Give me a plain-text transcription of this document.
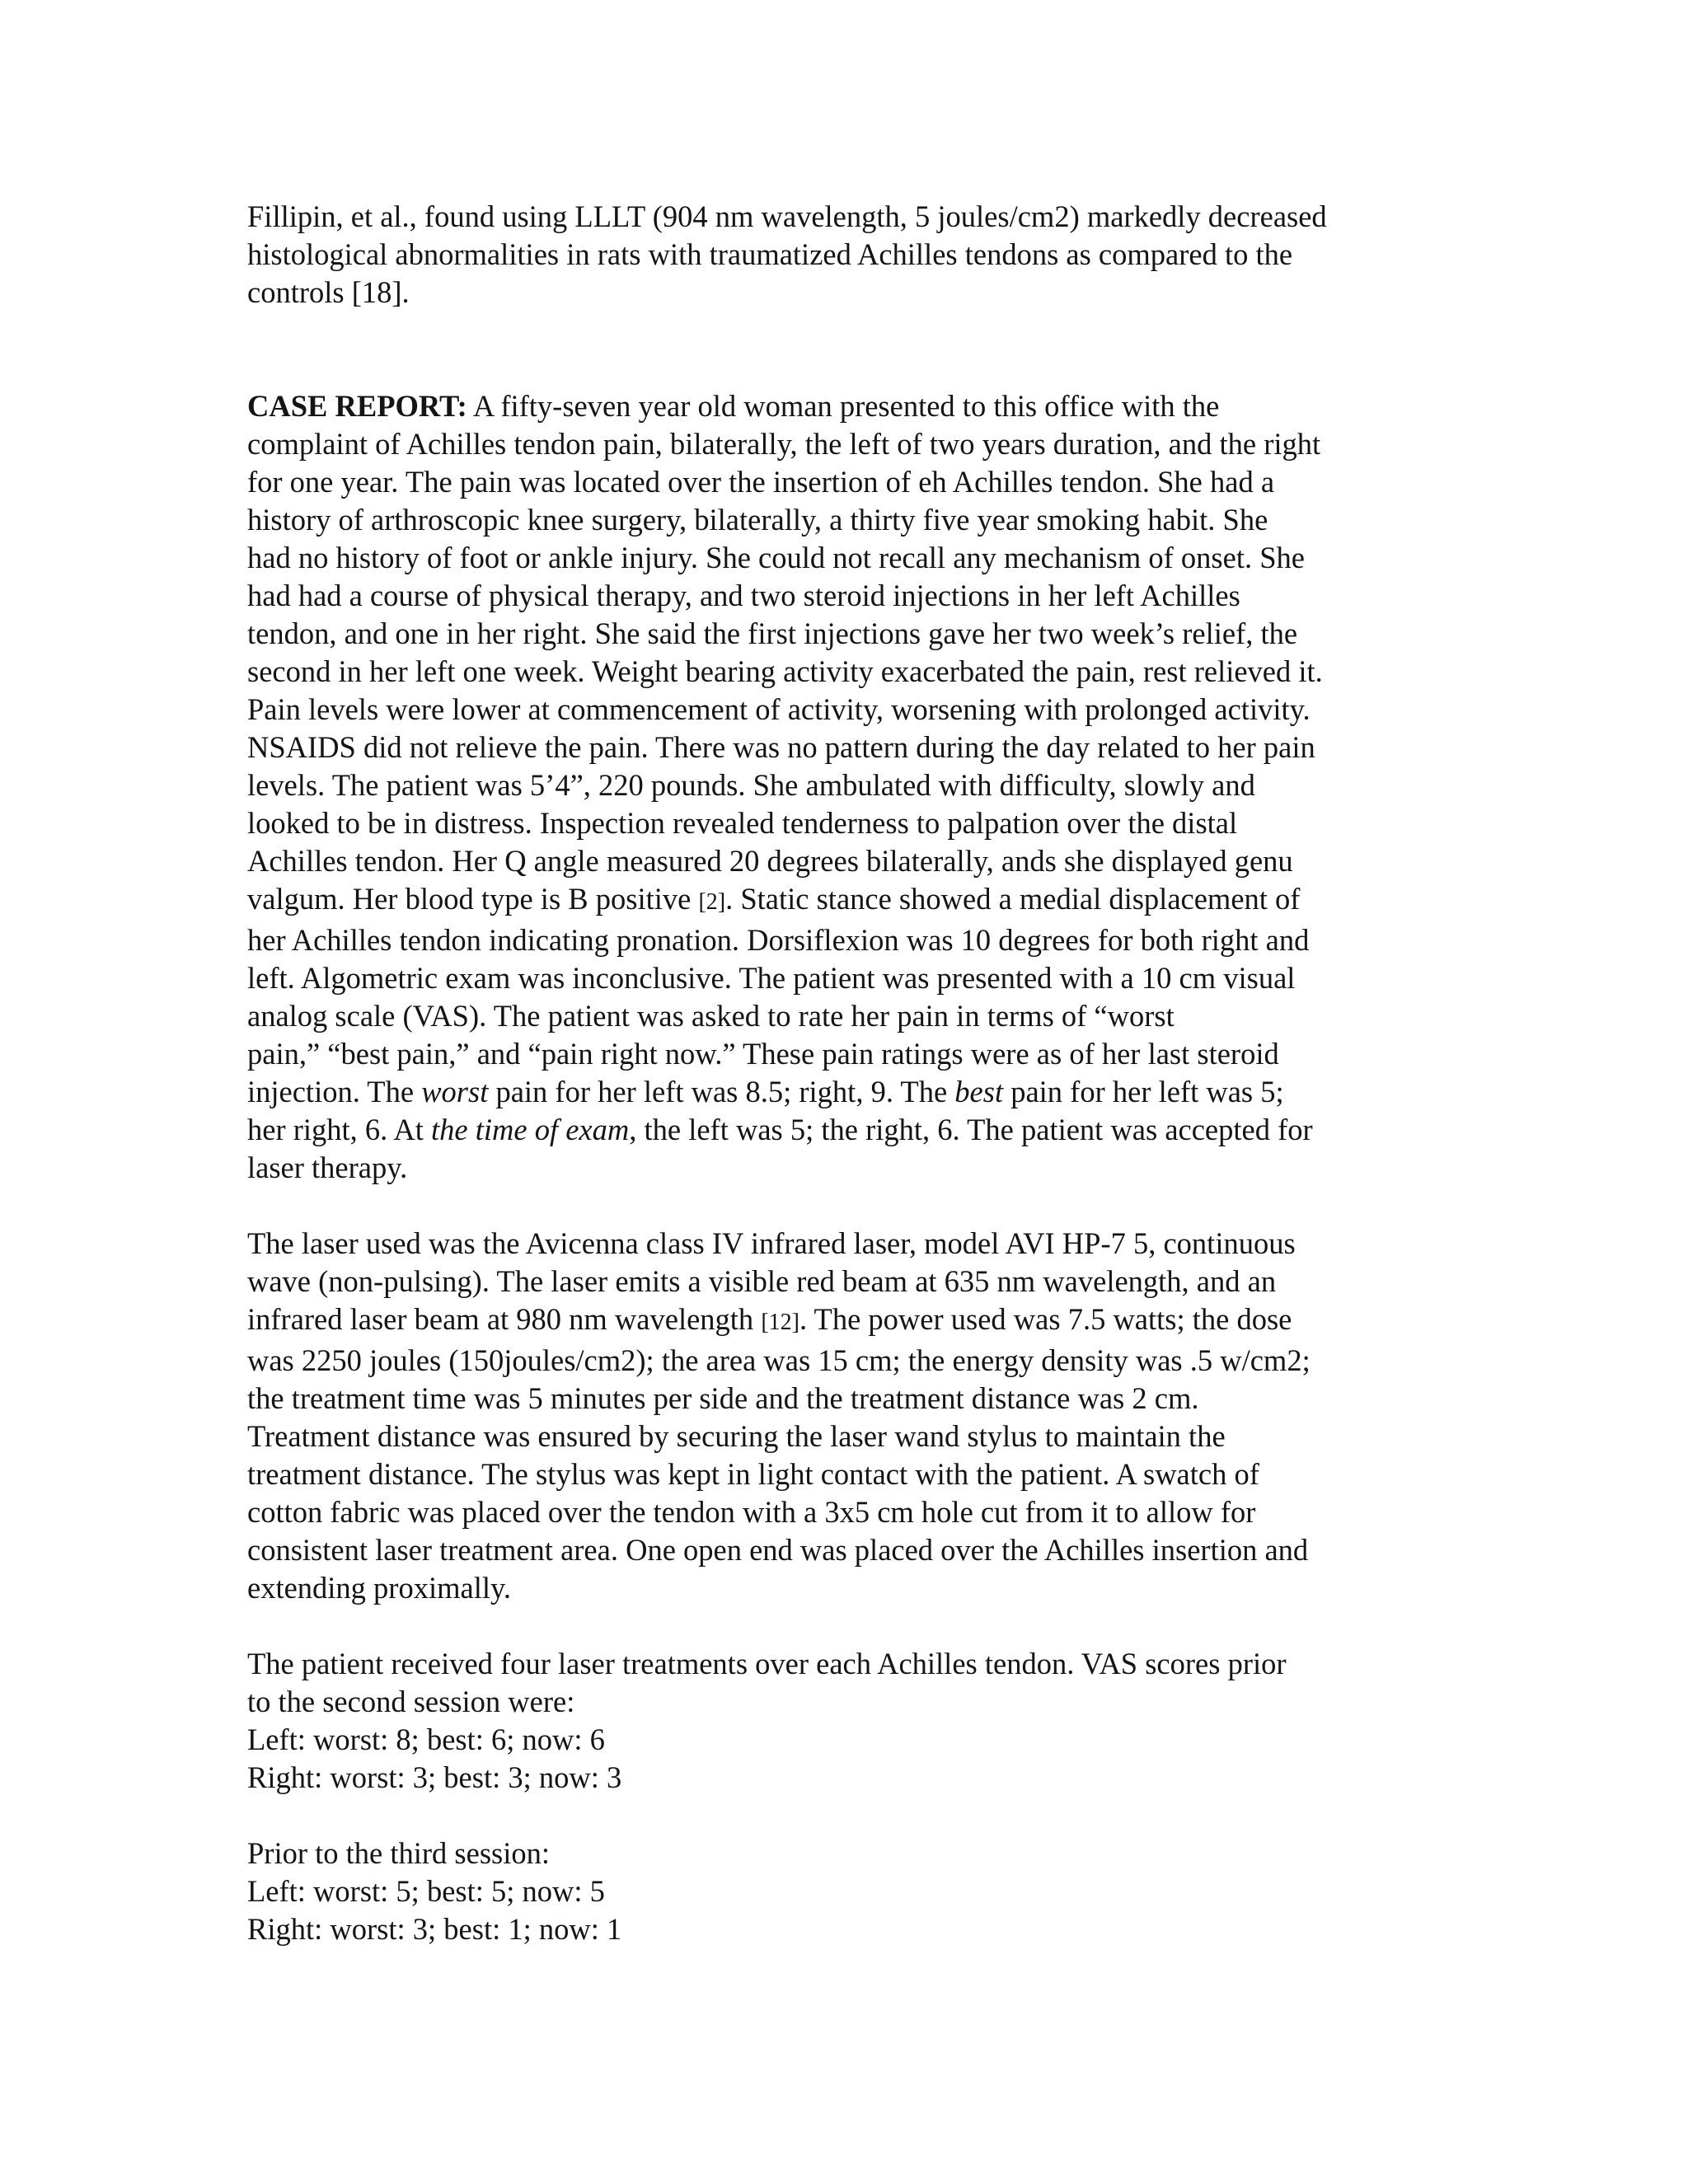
Fillipin, et al., found using LLLT (904 nm wavelength, 5 joules/cm2) markedly decreased
histological abnormalities in rats with traumatized Achilles tendons as compared to the
controls [18].

CASE REPORT: A fifty-seven year old woman presented to this office with the
complaint of Achilles tendon pain, bilaterally, the left of two years duration, and the right
for one year. The pain was located over the insertion of eh Achilles tendon. She had a
history of arthroscopic knee surgery, bilaterally, a thirty five year smoking habit. She
had no history of foot or ankle injury. She could not recall any mechanism of onset. She
had had a course of physical therapy, and two steroid injections in her left Achilles
tendon, and one in her right. She said the first injections gave her two week’s relief, the
second in her left one week. Weight bearing activity exacerbated the pain, rest relieved it.
Pain levels were lower at commencement of activity, worsening with prolonged activity.
NSAIDS did not relieve the pain. There was no pattern during the day related to her pain
levels. The patient was 5’4”, 220 pounds. She ambulated with difficulty, slowly and
looked to be in distress. Inspection revealed tenderness to palpation over the distal
Achilles tendon. Her Q angle measured 20 degrees bilaterally, ands she displayed genu
valgum. Her blood type is B positive [2]. Static stance showed a medial displacement of
her Achilles tendon indicating pronation. Dorsiflexion was 10 degrees for both right and
left. Algometric exam was inconclusive. The patient was presented with a 10 cm visual
analog scale (VAS). The patient was asked to rate her pain in terms of “worst
pain,” “best pain,” and “pain right now.” These pain ratings were as of her last steroid
injection. The worst pain for her left was 8.5; right, 9. The best pain for her left was 5;
her right, 6. At the time of exam, the left was 5; the right, 6. The patient was accepted for
laser therapy.

The laser used was the Avicenna class IV infrared laser, model AVI HP-7 5, continuous
wave (non-pulsing). The laser emits a visible red beam at 635 nm wavelength, and an
infrared laser beam at 980 nm wavelength [12]. The power used was 7.5 watts; the dose
was 2250 joules (150joules/cm2); the area was 15 cm; the energy density was .5 w/cm2;
the treatment time was 5 minutes per side and the treatment distance was 2 cm.
Treatment distance was ensured by securing the laser wand stylus to maintain the
treatment distance. The stylus was kept in light contact with the patient. A swatch of
cotton fabric was placed over the tendon with a 3x5 cm hole cut from it to allow for
consistent laser treatment area. One open end was placed over the Achilles insertion and
extending proximally.

The patient received four laser treatments over each Achilles tendon. VAS scores prior
to the second session were:
Left: worst: 8; best: 6; now: 6
Right: worst: 3; best: 3; now: 3

Prior to the third session:
Left: worst: 5; best: 5; now: 5
Right: worst: 3; best: 1; now: 1
